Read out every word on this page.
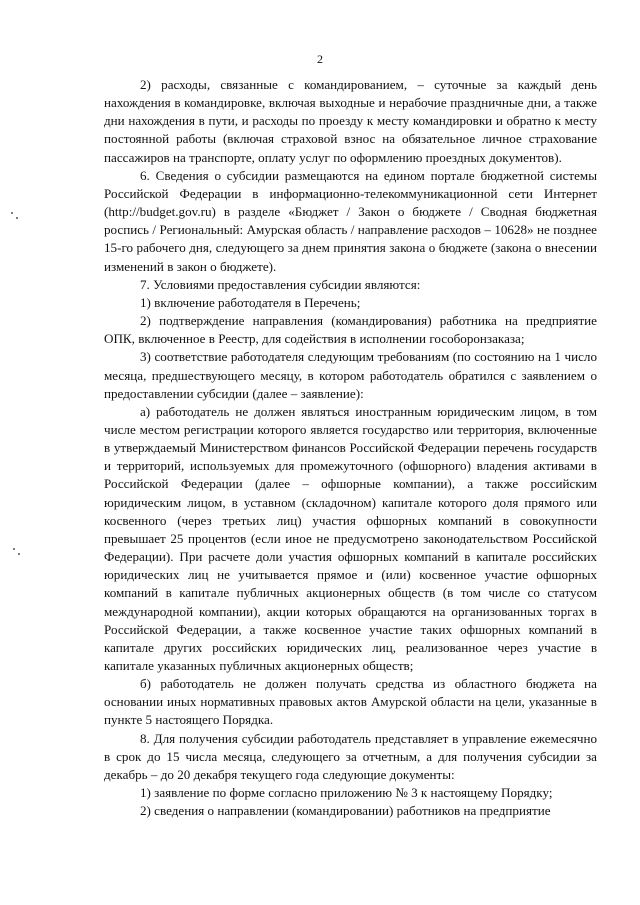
2

2) расходы, связанные с командированием, – суточные за каждый день нахождения в командировке, включая выходные и нерабочие праздничные дни, а также дни нахождения в пути, и расходы по проезду к месту командировки и обратно к месту постоянной работы (включая страховой взнос на обязательное личное страхование пассажиров на транспорте, оплату услуг по оформлению проездных документов).

6. Сведения о субсидии размещаются на едином портале бюджетной системы Российской Федерации в информационно-телекоммуникационной сети Интернет (http://budget.gov.ru) в разделе «Бюджет / Закон о бюджете / Сводная бюджетная роспись / Региональный: Амурская область / направление расходов – 10628» не позднее 15-го рабочего дня, следующего за днем принятия закона о бюджете (закона о внесении изменений в закон о бюджете).

7. Условиями предоставления субсидии являются:

1) включение работодателя в Перечень;

2) подтверждение направления (командирования) работника на предприятие ОПК, включенное в Реестр, для содействия в исполнении гособоронзаказа;

3) соответствие работодателя следующим требованиям (по состоянию на 1 число месяца, предшествующего месяцу, в котором работодатель обратился с заявлением о предоставлении субсидии (далее – заявление):

а) работодатель не должен являться иностранным юридическим лицом, в том числе местом регистрации которого является государство или территория, включенные в утверждаемый Министерством финансов Российской Федерации перечень государств и территорий, используемых для промежуточного (офшорного) владения активами в Российской Федерации (далее – офшорные компании), а также российским юридическим лицом, в уставном (складочном) капитале которого доля прямого или косвенного (через третьих лиц) участия офшорных компаний в совокупности превышает 25 процентов (если иное не предусмотрено законодательством Российской Федерации). При расчете доли участия офшорных компаний в капитале российских юридических лиц не учитывается прямое и (или) косвенное участие офшорных компаний в капитале публичных акционерных обществ (в том числе со статусом международной компании), акции которых обращаются на организованных торгах в Российской Федерации, а также косвенное участие таких офшорных компаний в капитале других российских юридических лиц, реализованное через участие в капитале указанных публичных акционерных обществ;

б) работодатель не должен получать средства из областного бюджета на основании иных нормативных правовых актов Амурской области на цели, указанные в пункте 5 настоящего Порядка.

8. Для получения субсидии работодатель представляет в управление ежемесячно в срок до 15 числа месяца, следующего за отчетным, а для получения субсидии за декабрь – до 20 декабря текущего года следующие документы:

1) заявление по форме согласно приложению № 3 к настоящему Порядку;

2) сведения о направлении (командировании) работников на предприятие
